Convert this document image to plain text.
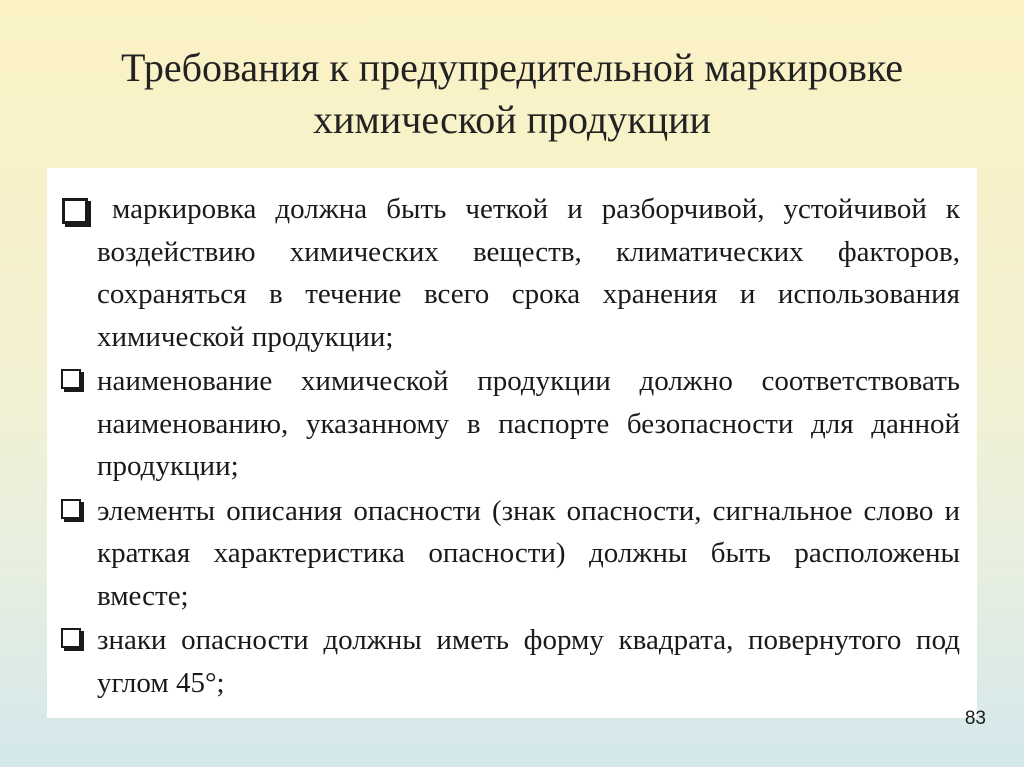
Требования к предупредительной маркировке
химической продукции
маркировка должна быть четкой и разборчивой, устойчивой к воздействию химических веществ, климатических факторов, сохраняться в течение всего срока хранения и использования химической продукции;
наименование химической продукции должно соответствовать наименованию, указанному в паспорте безопасности для данной продукции;
элементы описания опасности (знак опасности, сигнальное слово и краткая характеристика опасности) должны быть расположены вместе;
знаки опасности должны иметь форму квадрата, повернутого под углом 45°;
83
